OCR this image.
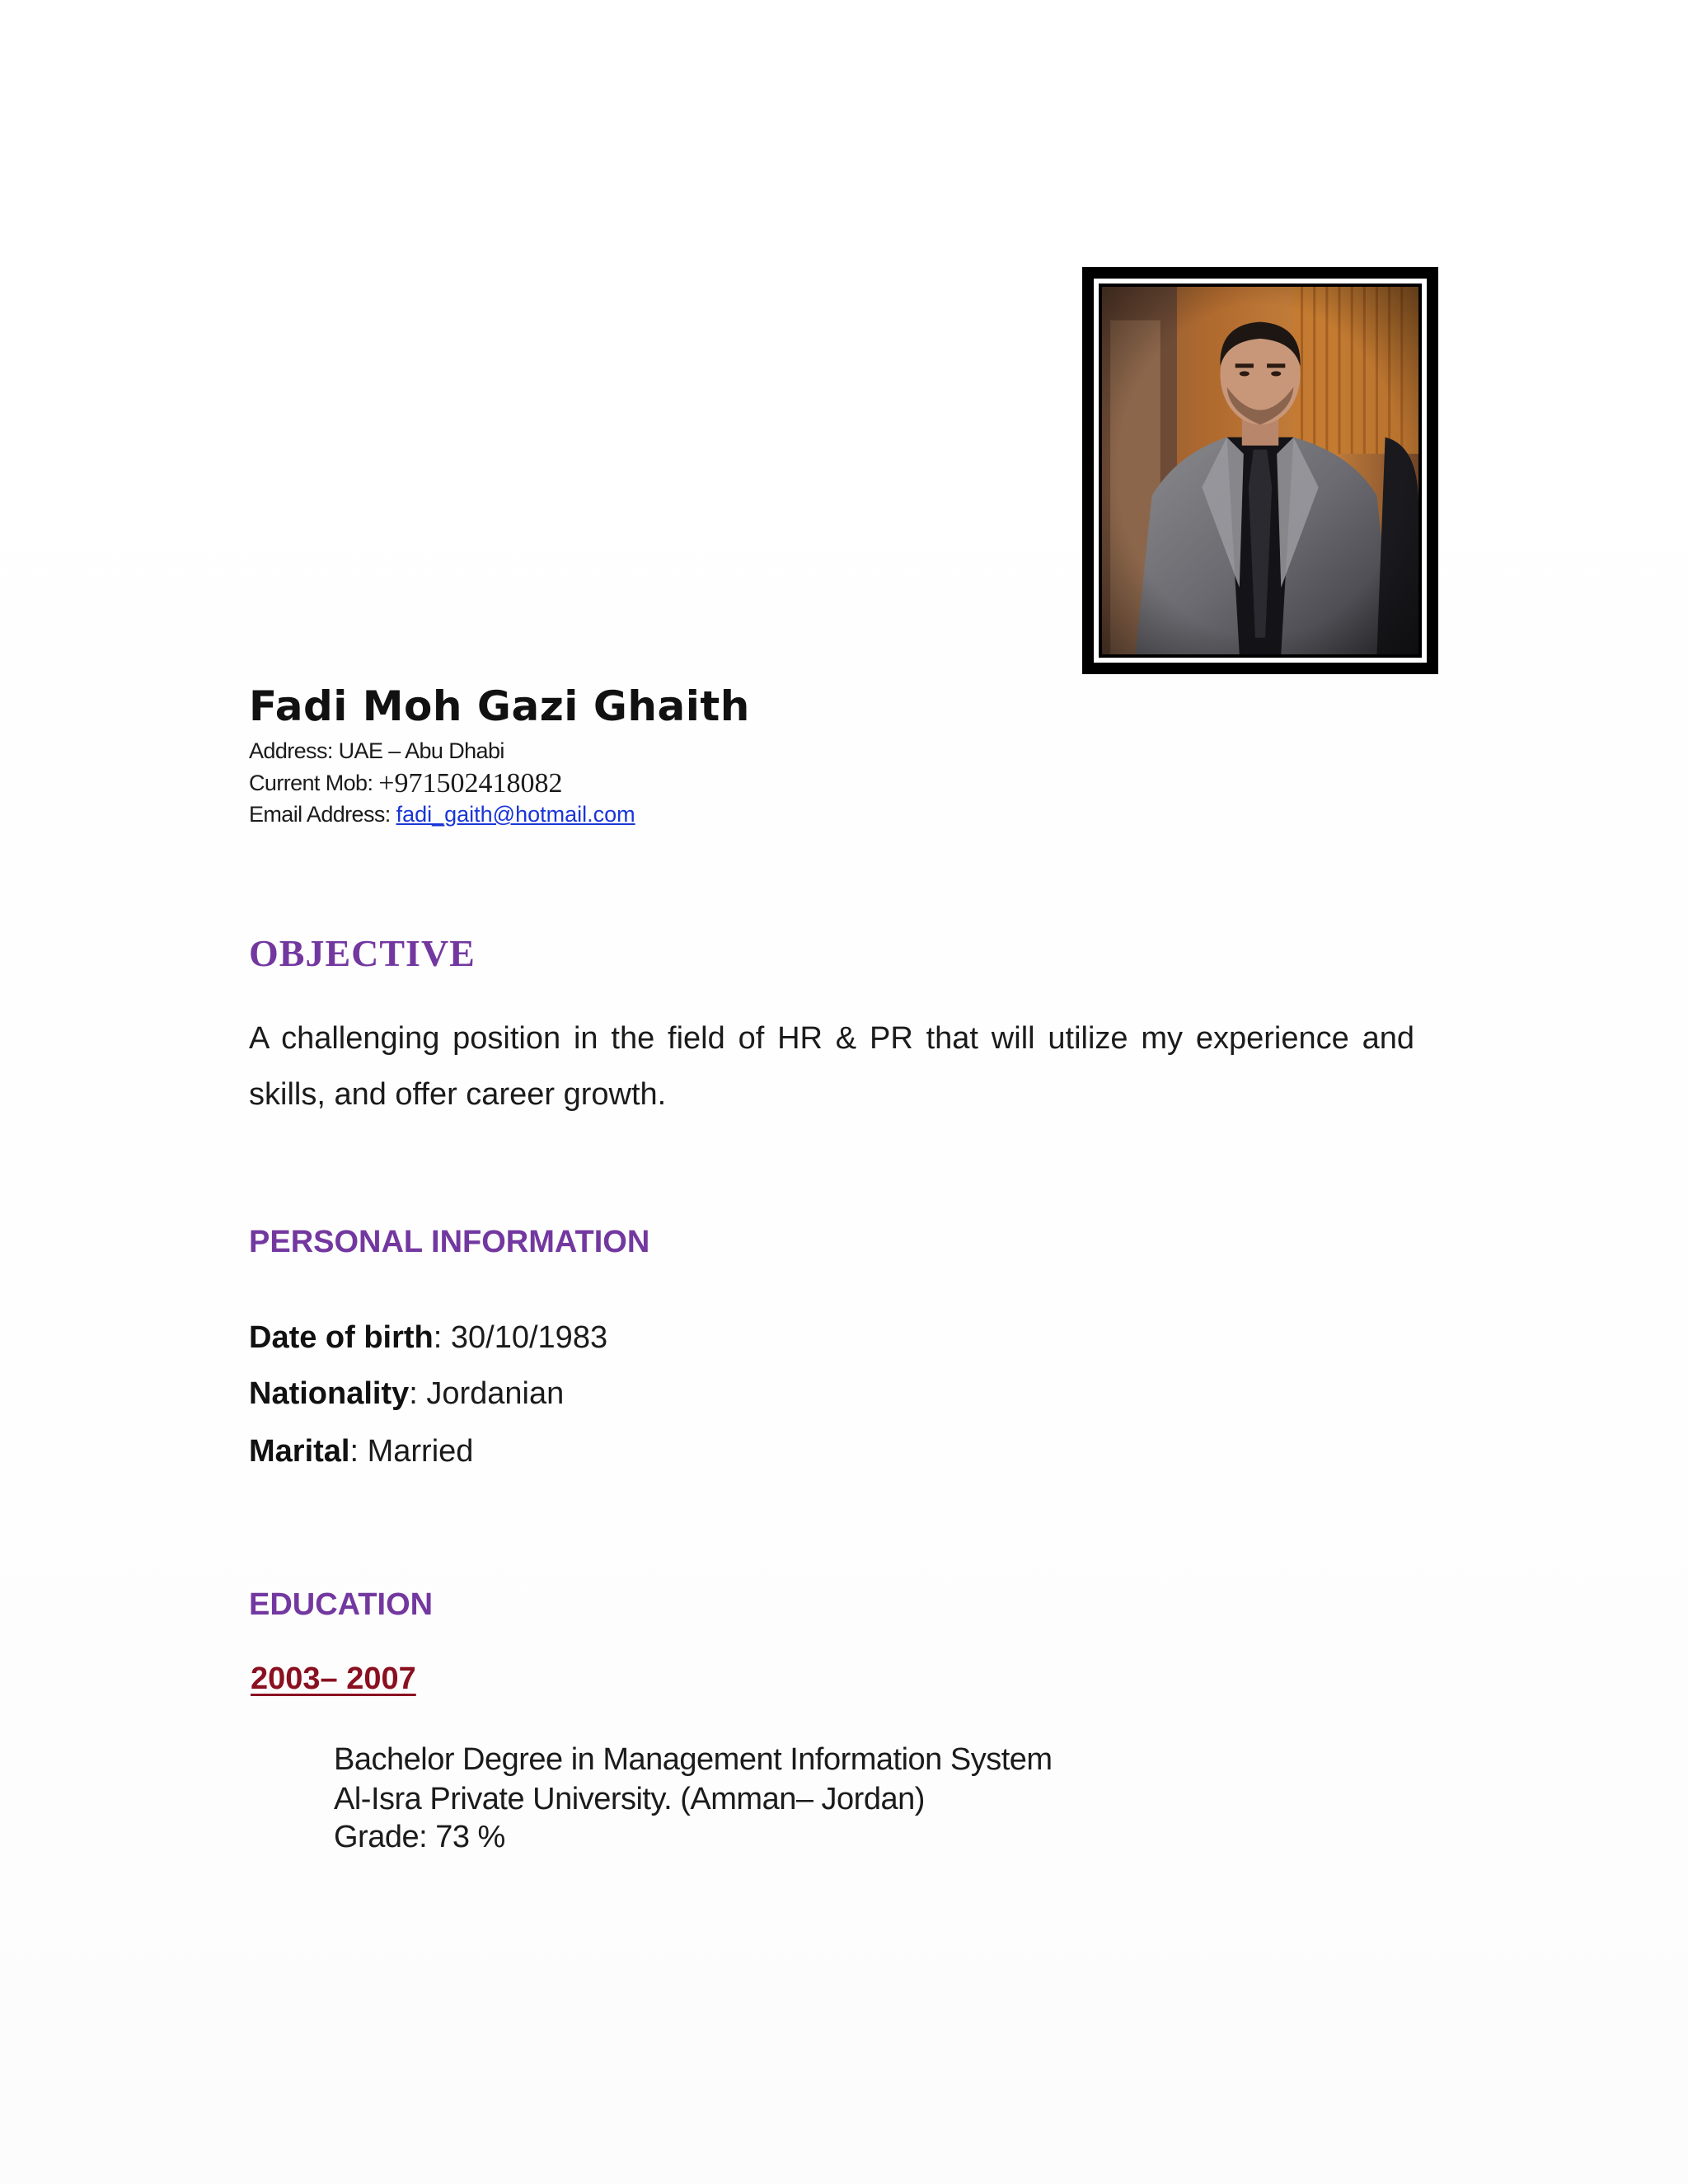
Fadi Moh Gazi Ghaith
Address: UAE – Abu Dhabi
Current Mob: +971502418082
Email Address: fadi_gaith@hotmail.com
OBJECTIVE
A challenging position in the field of HR & PR that will utilize my experience and skills, and offer career growth.
PERSONAL INFORMATION
Date of birth: 30/10/1983
Nationality: Jordanian
Marital: Married
EDUCATION
2003– 2007
Bachelor Degree in Management Information System
Al-Isra Private University. (Amman– Jordan)
Grade: 73 %
